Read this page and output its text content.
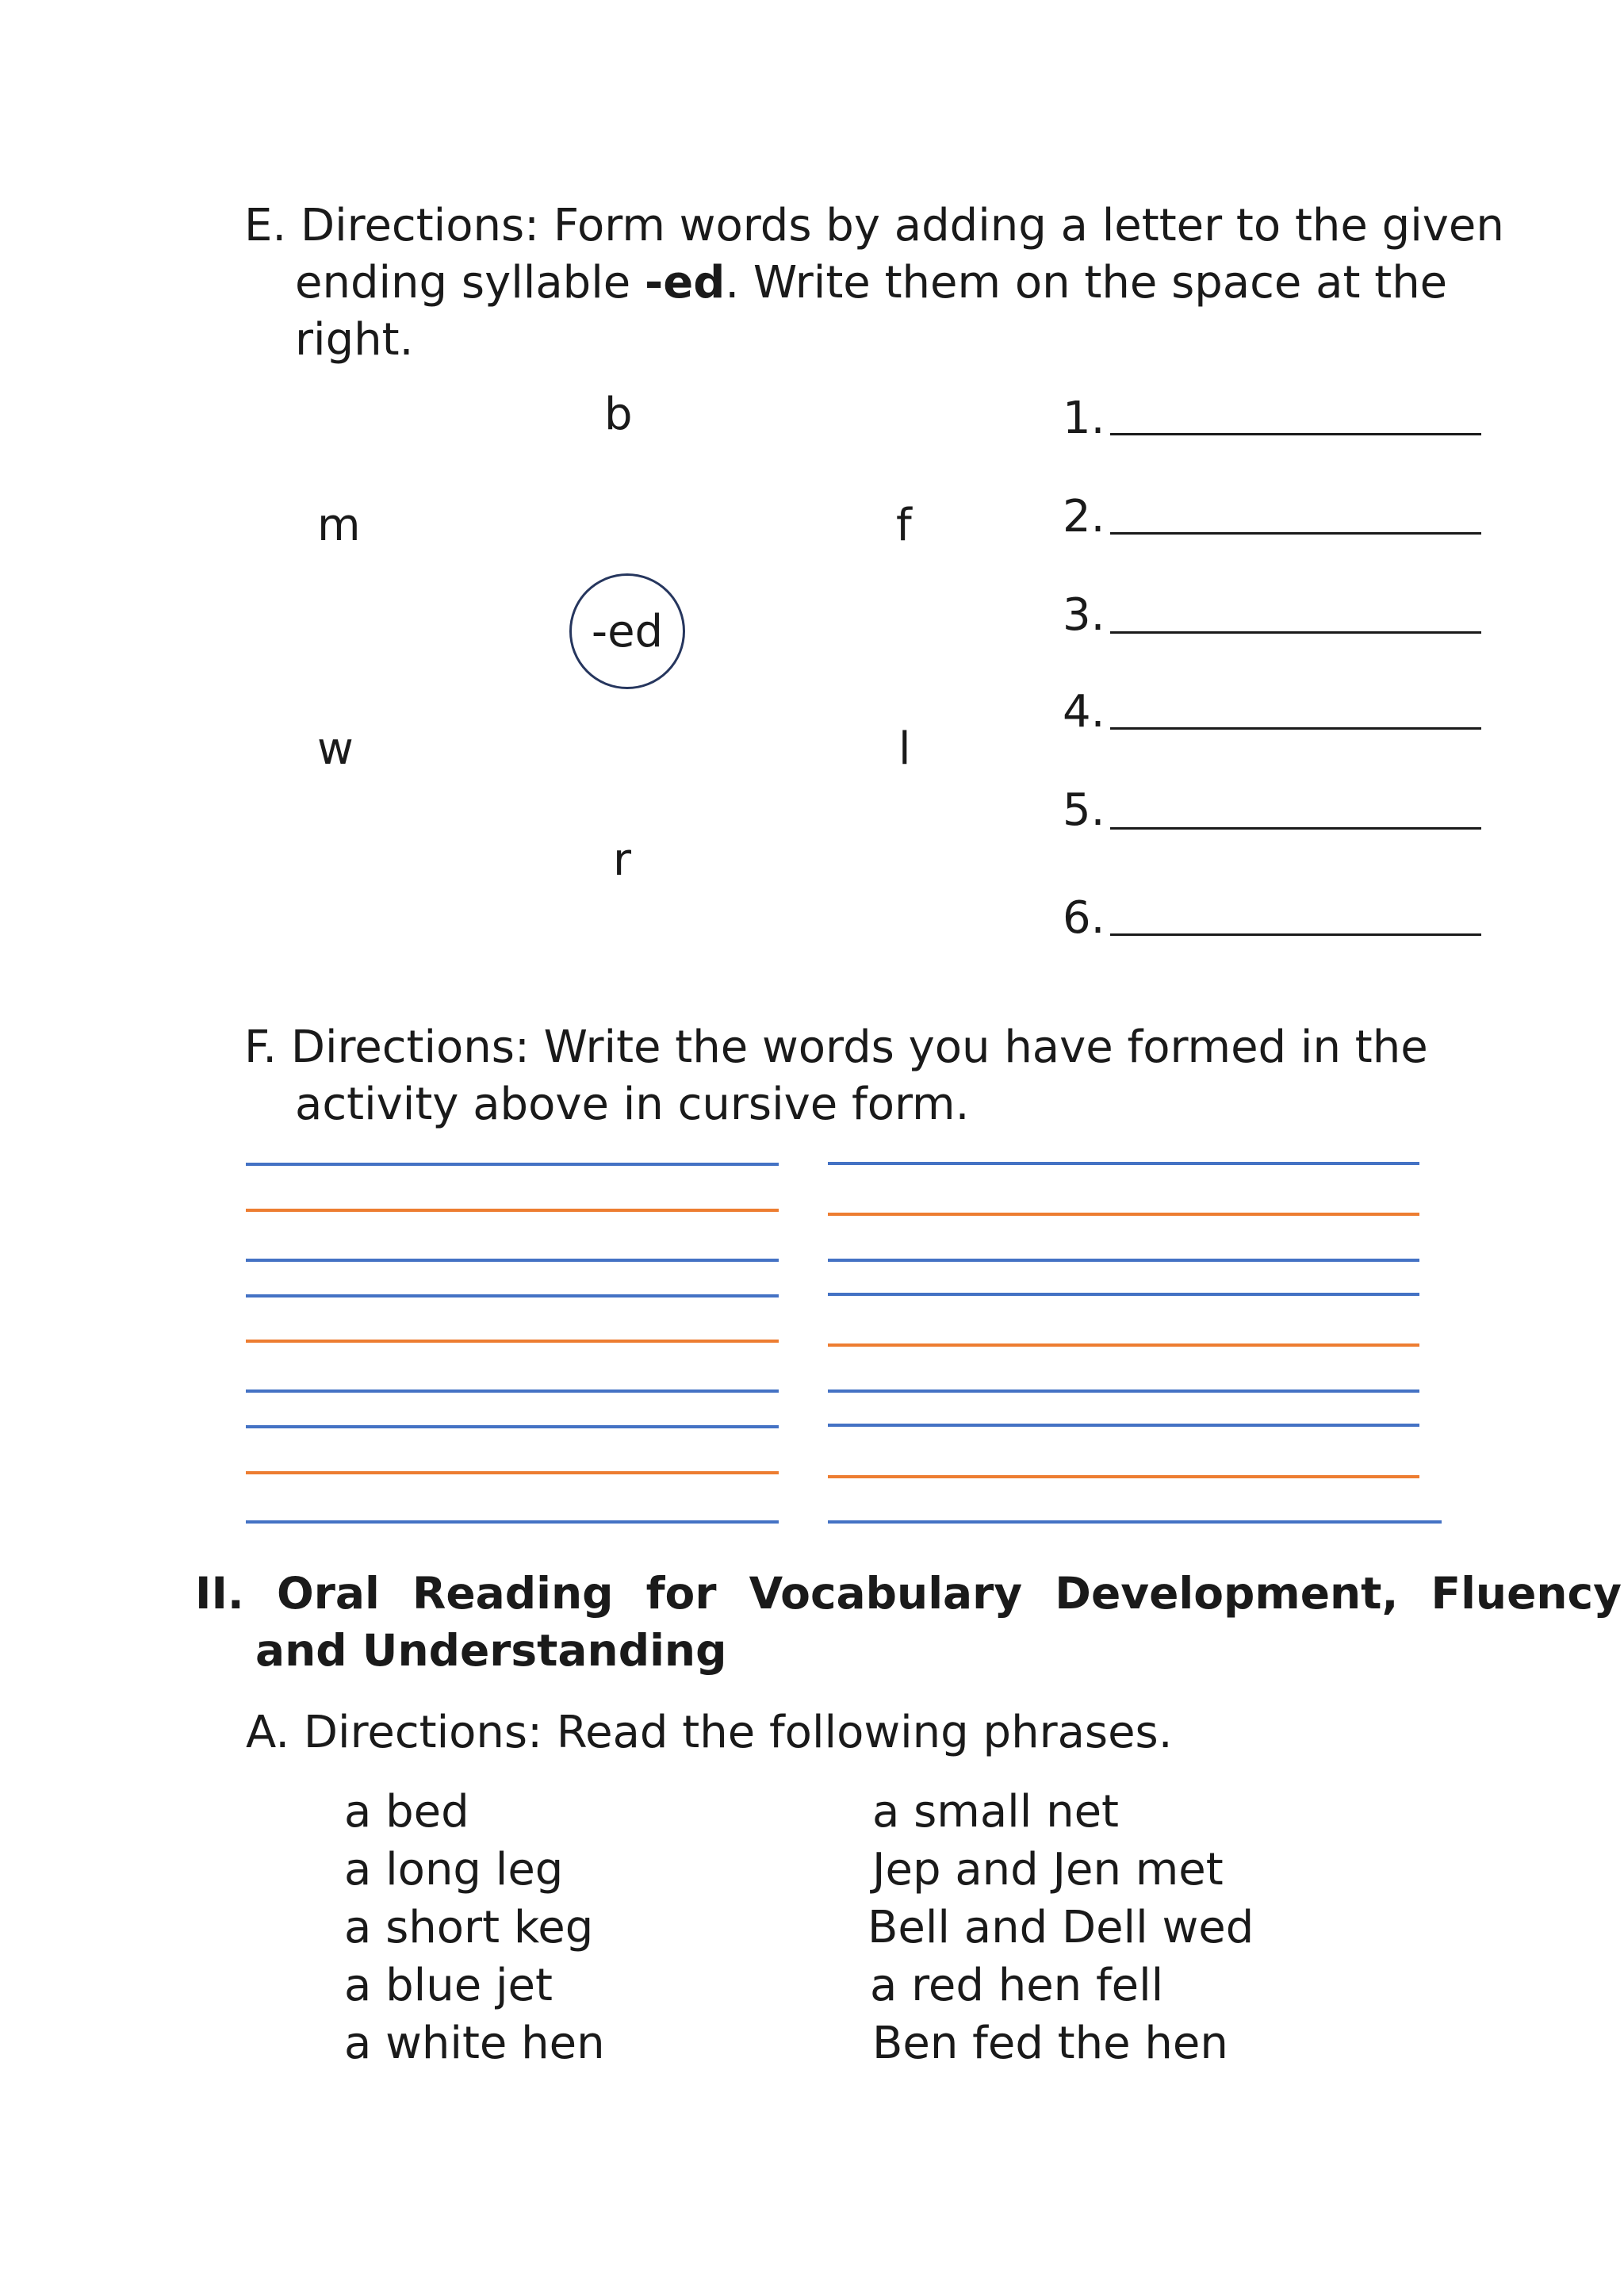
E. Directions: Form words by adding a letter to the given
ending syllable -ed. Write them on the space at the
right.
b
m	f
-ed
w	l
r
1.
2.
3.
4.
5.
6.
F. Directions: Write the words you have formed in the
activity above in cursive form.
II. Oral Reading for Vocabulary Development, Fluency
and Understanding
A. Directions: Read the following phrases.
a bed
a long leg
a short keg
a blue jet
a white hen
a small net
Jep and Jen met
Bell and Dell wed
a red hen fell
Ben fed the hen
